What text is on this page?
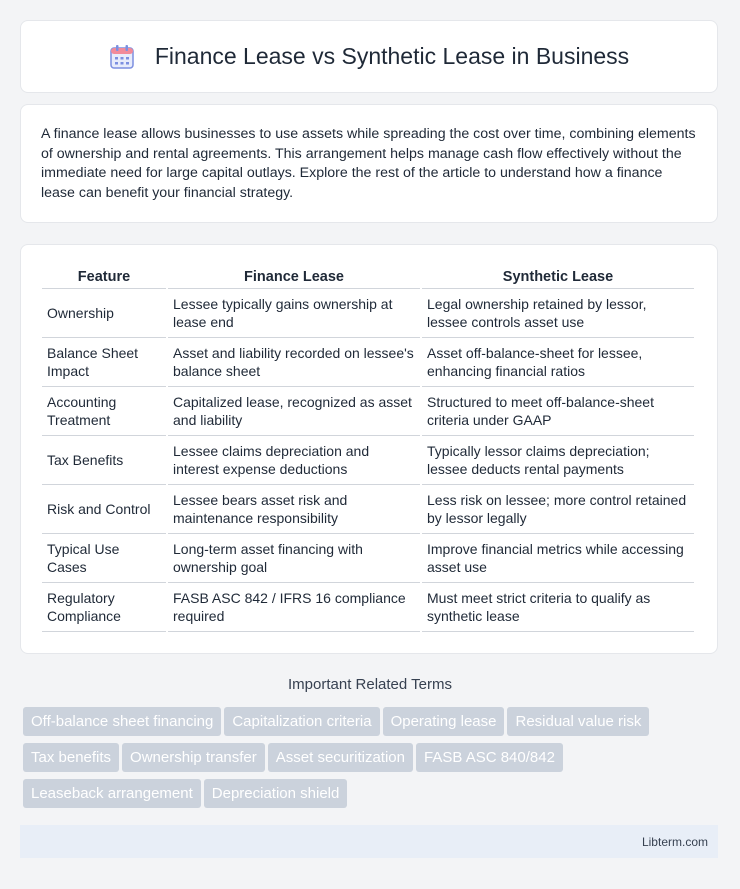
Finance Lease vs Synthetic Lease in Business

A finance lease allows businesses to use assets while spreading the cost over time, combining elements of ownership and rental agreements. This arrangement helps manage cash flow effectively without the immediate need for large capital outlays. Explore the rest of the article to understand how a finance lease can benefit your financial strategy.

Feature	Finance Lease	Synthetic Lease
Ownership	Lessee typically gains ownership at lease end	Legal ownership retained by lessor, lessee controls asset use
Balance Sheet Impact	Asset and liability recorded on lessee's balance sheet	Asset off-balance-sheet for lessee, enhancing financial ratios
Accounting Treatment	Capitalized lease, recognized as asset and liability	Structured to meet off-balance-sheet criteria under GAAP
Tax Benefits	Lessee claims depreciation and interest expense deductions	Typically lessor claims depreciation; lessee deducts rental payments
Risk and Control	Lessee bears asset risk and maintenance responsibility	Less risk on lessee; more control retained by lessor legally
Typical Use Cases	Long-term asset financing with ownership goal	Improve financial metrics while accessing asset use
Regulatory Compliance	FASB ASC 842 / IFRS 16 compliance required	Must meet strict criteria to qualify as synthetic lease
Important Related Terms
Off-balance sheet financing Capitalization criteria Operating lease Residual value riskTax benefits Ownership transfer Asset securitization FASB ASC 840/842Leaseback arrangement Depreciation shield
Libterm.com
